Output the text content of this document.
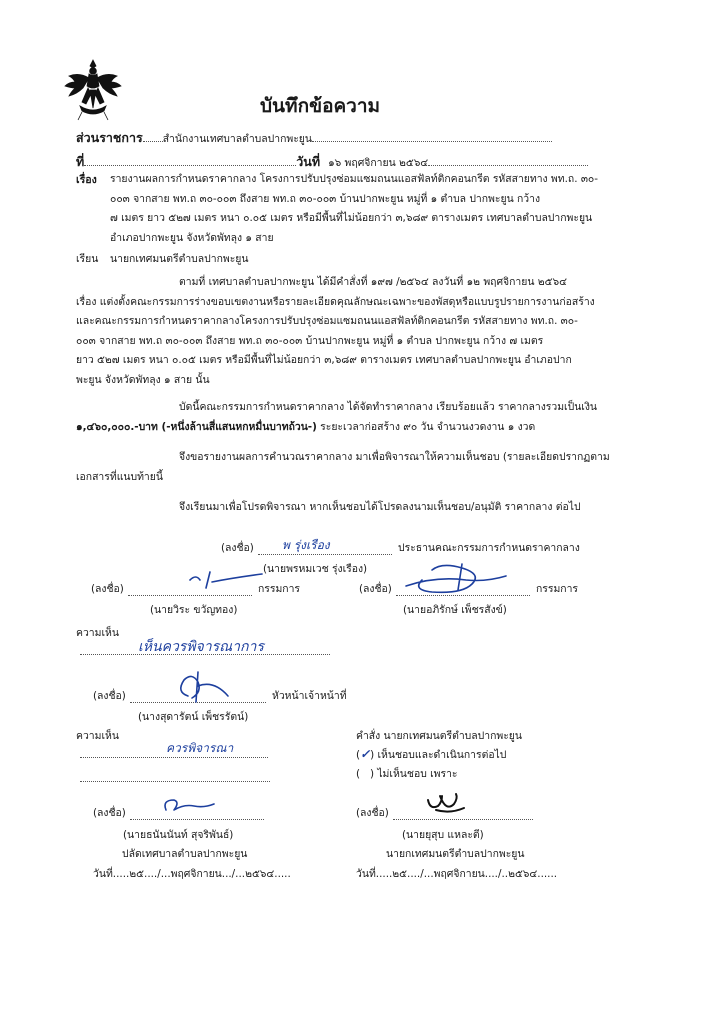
บันทึกข้อความ
ส่วนราชการ สำนักงานเทศบาลตำบลปากพะยูน
ที่	วันที่ ๑๖ พฤศจิกายน ๒๕๖๔
เรื่อง รายงานผลการกำหนดราคากลาง โครงการปรับปรุงซ่อมแซมถนนแอสฟัลท์ติกคอนกรีต รหัสสายทาง พท.ถ. ๓๐-
๐๐๓ จากสาย พท.ถ ๓๐-๐๐๓ ถึงสาย พท.ถ ๓๐-๐๐๓ บ้านปากพะยูน หมู่ที่ ๑ ตำบล ปากพะยูน กว้าง
๗ เมตร ยาว ๕๒๗ เมตร หนา ๐.๐๕ เมตร หรือมีพื้นที่ไม่น้อยกว่า ๓,๖๘๙ ตารางเมตร เทศบาลตำบลปากพะยูน
อำเภอปากพะยูน จังหวัดพัทลุง ๑ สาย
เรียน นายกเทศมนตรีตำบลปากพะยูน
ตามที่ เทศบาลตำบลปากพะยูน ได้มีคำสั่งที่ ๑๙๗ /๒๕๖๔ ลงวันที่ ๑๒ พฤศจิกายน ๒๕๖๔
เรื่อง แต่งตั้งคณะกรรมการร่างขอบเขตงานหรือรายละเอียดคุณลักษณะเฉพาะของพัสดุหรือแบบรูปรายการงานก่อสร้าง
และคณะกรรมการกำหนดราคากลางโครงการปรับปรุงซ่อมแซมถนนแอสฟัลท์ติกคอนกรีต รหัสสายทาง พท.ถ. ๓๐-
๐๐๓ จากสาย พท.ถ ๓๐-๐๐๓ ถึงสาย พท.ถ ๓๐-๐๐๓ บ้านปากพะยูน หมู่ที่ ๑ ตำบล ปากพะยูน กว้าง ๗ เมตร
ยาว ๕๒๗ เมตร หนา ๐.๐๕ เมตร หรือมีพื้นที่ไม่น้อยกว่า ๓,๖๘๙ ตารางเมตร เทศบาลตำบลปากพะยูน อำเภอปาก
พะยูน จังหวัดพัทลุง ๑ สาย นั้น
บัดนี้คณะกรรมการกำหนดราคากลาง ได้จัดทำราคากลาง เรียบร้อยแล้ว ราคากลางรวมเป็นเงิน
๑,๔๖๐,๐๐๐.-บาท (-หนึ่งล้านสี่แสนหกหมื่นบาทถ้วน-) ระยะเวลาก่อสร้าง ๙๐ วัน จำนวนงวดงาน ๑ งวด
จึงขอรายงานผลการคำนวณราคากลาง มาเพื่อพิจารณาให้ความเห็นชอบ (รายละเอียดปรากฏตาม
เอกสารที่แนบท้ายนี้
จึงเรียนมาเพื่อโปรดพิจารณา หากเห็นชอบได้โปรดลงนามเห็นชอบ/อนุมัติ ราคากลาง ต่อไป
(ลงชื่อ) พ รุ่งเรือง	ประธานคณะกรรมการกำหนดราคากลาง
(นายพรหมเวช รุ่งเรือง)
(ลงชื่อ)	กรรมการ
(นายวิระ ขวัญทอง)
(ลงชื่อ)	กรรมการ
(นายอภิรักษ์ เพ็ชรสังข์)
ความเห็น
เห็นควรพิจารณาการ
(ลงชื่อ)	หัวหน้าเจ้าหน้าที่
(นางสุดารัตน์ เพ็ชรรัตน์)
ความเห็น
ควรพิจารณา
(ลงชื่อ)
(นายธนันนันท์ สุจริพันธ์)
ปลัดเทศบาลตำบลปากพะยูน
วันที่.....๒๕..../...พฤศจิกายน.../...๒๕๖๔.....
คำสั่ง นายกเทศมนตรีตำบลปากพะยูน
(✓) เห็นชอบและดำเนินการต่อไป
(   ) ไม่เห็นชอบ เพราะ
(ลงชื่อ)
(นายยุสุบ แหละตี)
นายกเทศมนตรีตำบลปากพะยูน
วันที่.....๒๕..../...พฤศจิกายน..../..๒๕๖๔......
